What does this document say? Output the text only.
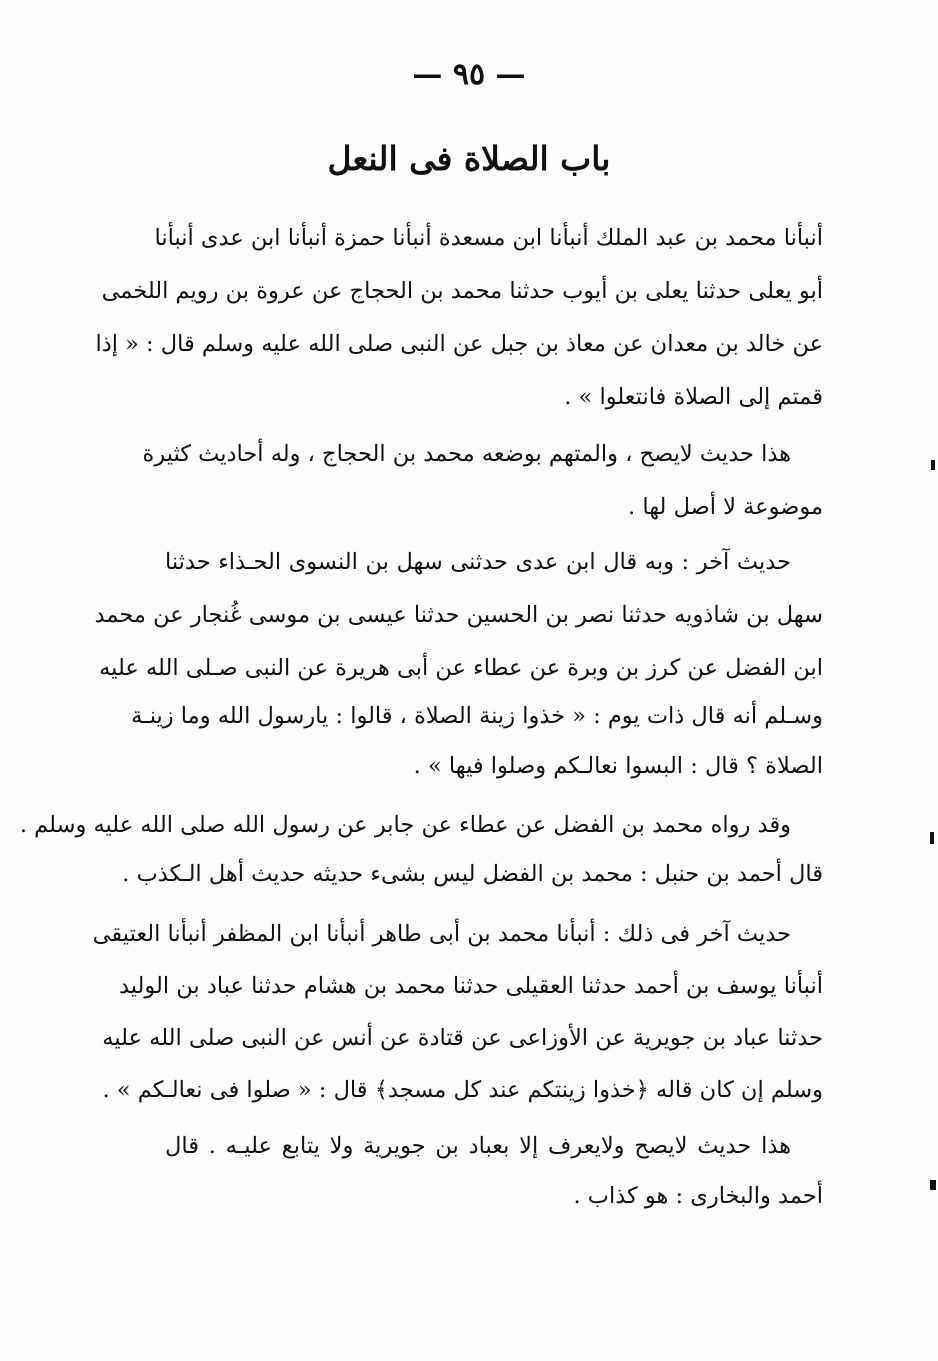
— ٩٥ —
باب الصلاة فى النعل
أنبأنا محمد بن عبد الملك أنبأنا ابن مسعدة أنبأنا حمزة أنبأنا ابن عدى أنبأنا
أبو يعلى حدثنا يعلى بن أيوب حدثنا محمد بن الحجاج عن عروة بن رويم اللخمى
عن خالد بن معدان عن معاذ بن جبل عن النبى صلى الله عليه وسلم قال : « إذا
قمتم إلى الصلاة فانتعلوا » .
هذا حديث لايصح ، والمتهم بوضعه محمد بن الحجاج ، وله أحاديث كثيرة
موضوعة لا أصل لها .
حديث آخر : وبه قال ابن عدى حدثنى سهل بن النسوى الحـذاء حدثنا
سهل بن شاذويه حدثنا نصر بن الحسين حدثنا عيسى بن موسى غُنجار عن محمد
ابن الفضل عن كرز بن وبرة عن عطاء عن أبى هريرة عن النبى صـلى الله عليه
وسـلم أنه قال ذات يوم : « خذوا زينة الصلاة ، قالوا : يارسول الله وما زينـة
الصلاة ؟ قال : البسوا نعالـكم وصلوا فيها » .
وقد رواه محمد بن الفضل عن عطاء عن جابر عن رسول الله صلى الله عليه وسلم .
قال أحمد بن حنبل : محمد بن الفضل ليس بشىء حديثه حديث أهل الـكذب .
حديث آخر فى ذلك : أنبأنا محمد بن أبى طاهر أنبأنا ابن المظفر أنبأنا العتيقى
أنبأنا يوسف بن أحمد حدثنا العقيلى حدثنا محمد بن هشام حدثنا عباد بن الوليد
حدثنا عباد بن جويرية عن الأوزاعى عن قتادة عن أنس عن النبى صلى الله عليه
وسلم إن كان قاله ﴿خذوا زينتكم عند كل مسجد﴾ قال : « صلوا فى نعالـكم » .
هذا حديث لايصح ولايعرف إلا بعباد بن جويرية ولا يتابع عليـه . قال
أحمد والبخارى : هو كذاب .
